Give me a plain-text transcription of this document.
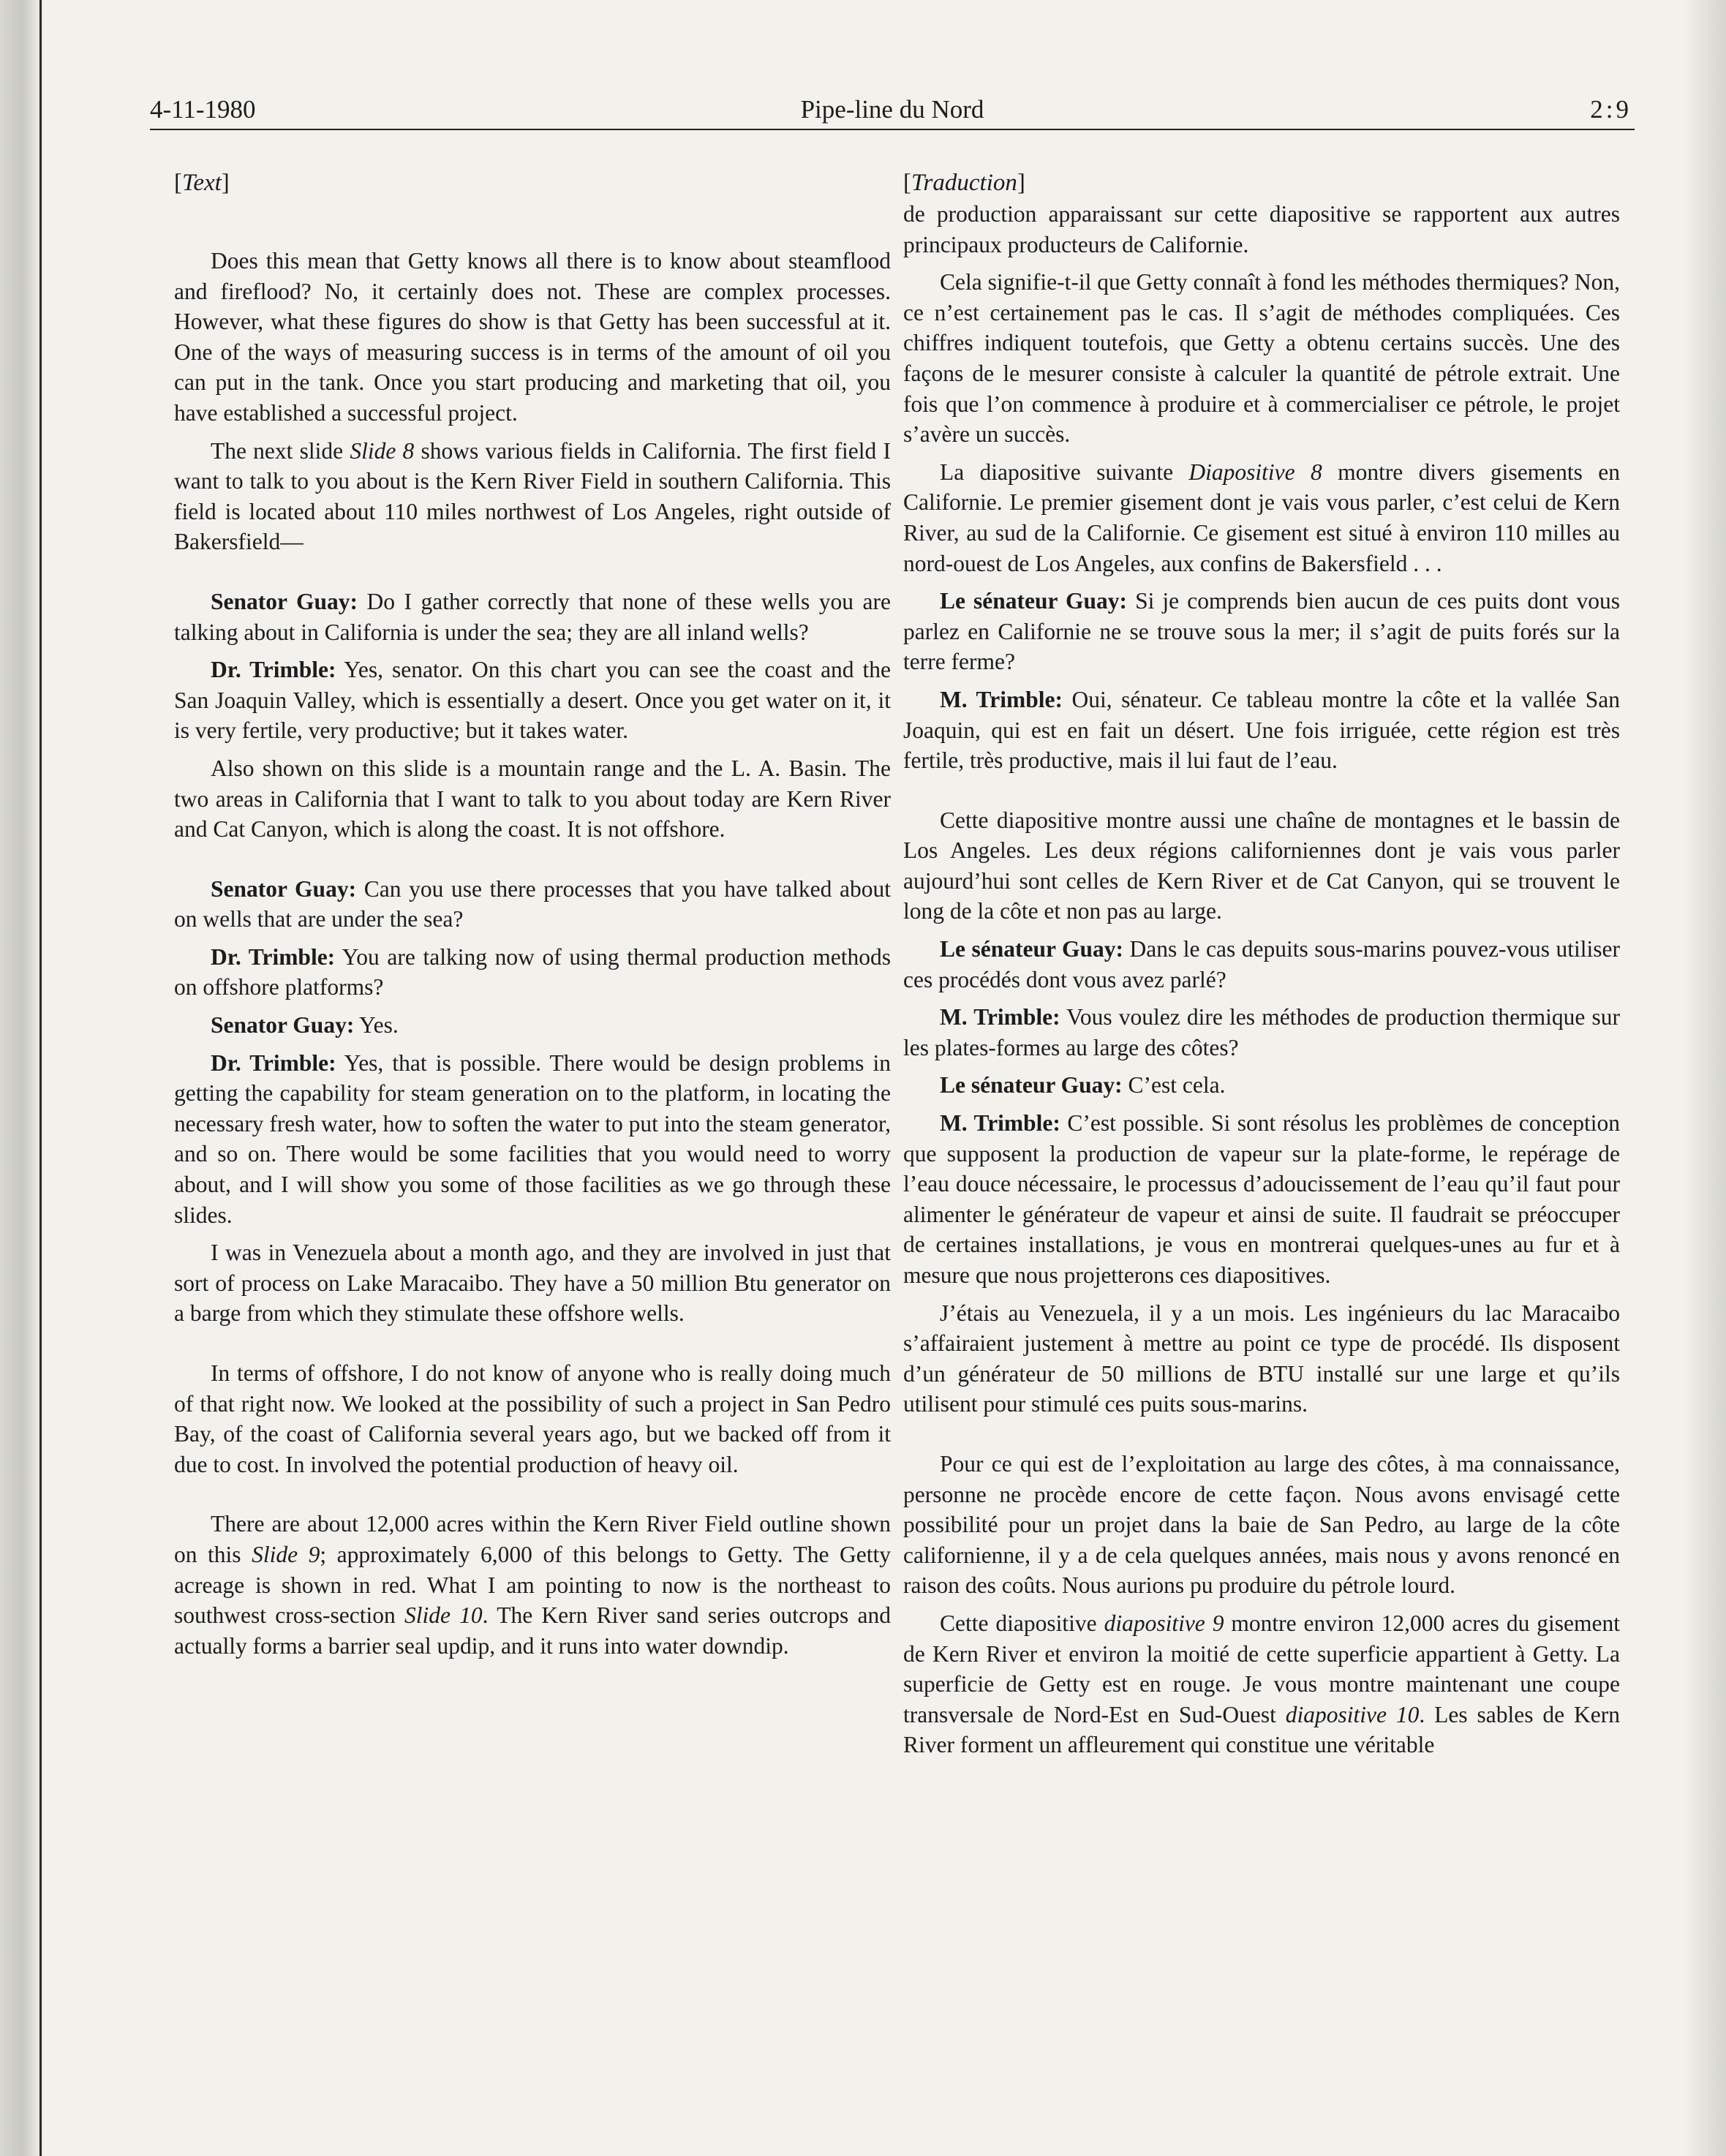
4-11-1980	Pipe-line du Nord	2:9
[Text]

Does this mean that Getty knows all there is to know about steamflood and fireflood? No, it certainly does not. These are complex processes. However, what these figures do show is that Getty has been successful at it. One of the ways of measuring success is in terms of the amount of oil you can put in the tank. Once you start producing and marketing that oil, you have established a successful project.

The next slide Slide 8 shows various fields in California. The first field I want to talk to you about is the Kern River Field in southern California. This field is located about 110 miles northwest of Los Angeles, right outside of Bakersfield—

Senator Guay: Do I gather correctly that none of these wells you are talking about in California is under the sea; they are all inland wells?

Dr. Trimble: Yes, senator. On this chart you can see the coast and the San Joaquin Valley, which is essentially a desert. Once you get water on it, it is very fertile, very productive; but it takes water.

Also shown on this slide is a mountain range and the L. A. Basin. The two areas in California that I want to talk to you about today are Kern River and Cat Canyon, which is along the coast. It is not offshore.

Senator Guay: Can you use there processes that you have talked about on wells that are under the sea?

Dr. Trimble: You are talking now of using thermal production methods on offshore platforms?

Senator Guay: Yes.

Dr. Trimble: Yes, that is possible. There would be design problems in getting the capability for steam generation on to the platform, in locating the necessary fresh water, how to soften the water to put into the steam generator, and so on. There would be some facilities that you would need to worry about, and I will show you some of those facilities as we go through these slides.

I was in Venezuela about a month ago, and they are involved in just that sort of process on Lake Maracaibo. They have a 50 million Btu generator on a barge from which they stimulate these offshore wells.

In terms of offshore, I do not know of anyone who is really doing much of that right now. We looked at the possibility of such a project in San Pedro Bay, of the coast of California several years ago, but we backed off from it due to cost. In involved the potential production of heavy oil.

There are about 12,000 acres within the Kern River Field outline shown on this Slide 9; approximately 6,000 of this belongs to Getty. The Getty acreage is shown in red. What I am pointing to now is the northeast to southwest cross-section Slide 10. The Kern River sand series outcrops and actually forms a barrier seal updip, and it runs into water downdip.

[Traduction]

de production apparaissant sur cette diapositive se rapportent aux autres principaux producteurs de Californie.

Cela signifie-t-il que Getty connaît à fond les méthodes thermiques? Non, ce n’est certainement pas le cas. Il s’agit de méthodes compliquées. Ces chiffres indiquent toutefois, que Getty a obtenu certains succès. Une des façons de le mesurer consiste à calculer la quantité de pétrole extrait. Une fois que l’on commence à produire et à commercialiser ce pétrole, le projet s’avère un succès.

La diapositive suivante Diapositive 8 montre divers gisements en Californie. Le premier gisement dont je vais vous parler, c’est celui de Kern River, au sud de la Californie. Ce gisement est situé à environ 110 milles au nord-ouest de Los Angeles, aux confins de Bakersfield . . .

Le sénateur Guay: Si je comprends bien aucun de ces puits dont vous parlez en Californie ne se trouve sous la mer; il s’agit de puits forés sur la terre ferme?

M. Trimble: Oui, sénateur. Ce tableau montre la côte et la vallée San Joaquin, qui est en fait un désert. Une fois irriguée, cette région est très fertile, très productive, mais il lui faut de l’eau.

Cette diapositive montre aussi une chaîne de montagnes et le bassin de Los Angeles. Les deux régions californiennes dont je vais vous parler aujourd’hui sont celles de Kern River et de Cat Canyon, qui se trouvent le long de la côte et non pas au large.

Le sénateur Guay: Dans le cas depuits sous-marins pouvez-vous utiliser ces procédés dont vous avez parlé?

M. Trimble: Vous voulez dire les méthodes de production thermique sur les plates-formes au large des côtes?

Le sénateur Guay: C’est cela.

M. Trimble: C’est possible. Si sont résolus les problèmes de conception que supposent la production de vapeur sur la plate-forme, le repérage de l’eau douce nécessaire, le processus d’adoucissement de l’eau qu’il faut pour alimenter le générateur de vapeur et ainsi de suite. Il faudrait se préoccuper de certaines installations, je vous en montrerai quelques-unes au fur et à mesure que nous projetterons ces diapositives.

J’étais au Venezuela, il y a un mois. Les ingénieurs du lac Maracaibo s’affairaient justement à mettre au point ce type de procédé. Ils disposent d’un générateur de 50 millions de BTU installé sur une large et qu’ils utilisent pour stimulé ces puits sous-marins.

Pour ce qui est de l’exploitation au large des côtes, à ma connaissance, personne ne procède encore de cette façon. Nous avons envisagé cette possibilité pour un projet dans la baie de San Pedro, au large de la côte californienne, il y a de cela quelques années, mais nous y avons renoncé en raison des coûts. Nous aurions pu produire du pétrole lourd.

Cette diapositive diapositive 9 montre environ 12,000 acres du gisement de Kern River et environ la moitié de cette superficie appartient à Getty. La superficie de Getty est en rouge. Je vous montre maintenant une coupe transversale de Nord-Est en Sud-Ouest diapositive 10. Les sables de Kern River forment un affleurement qui constitue une véritable
